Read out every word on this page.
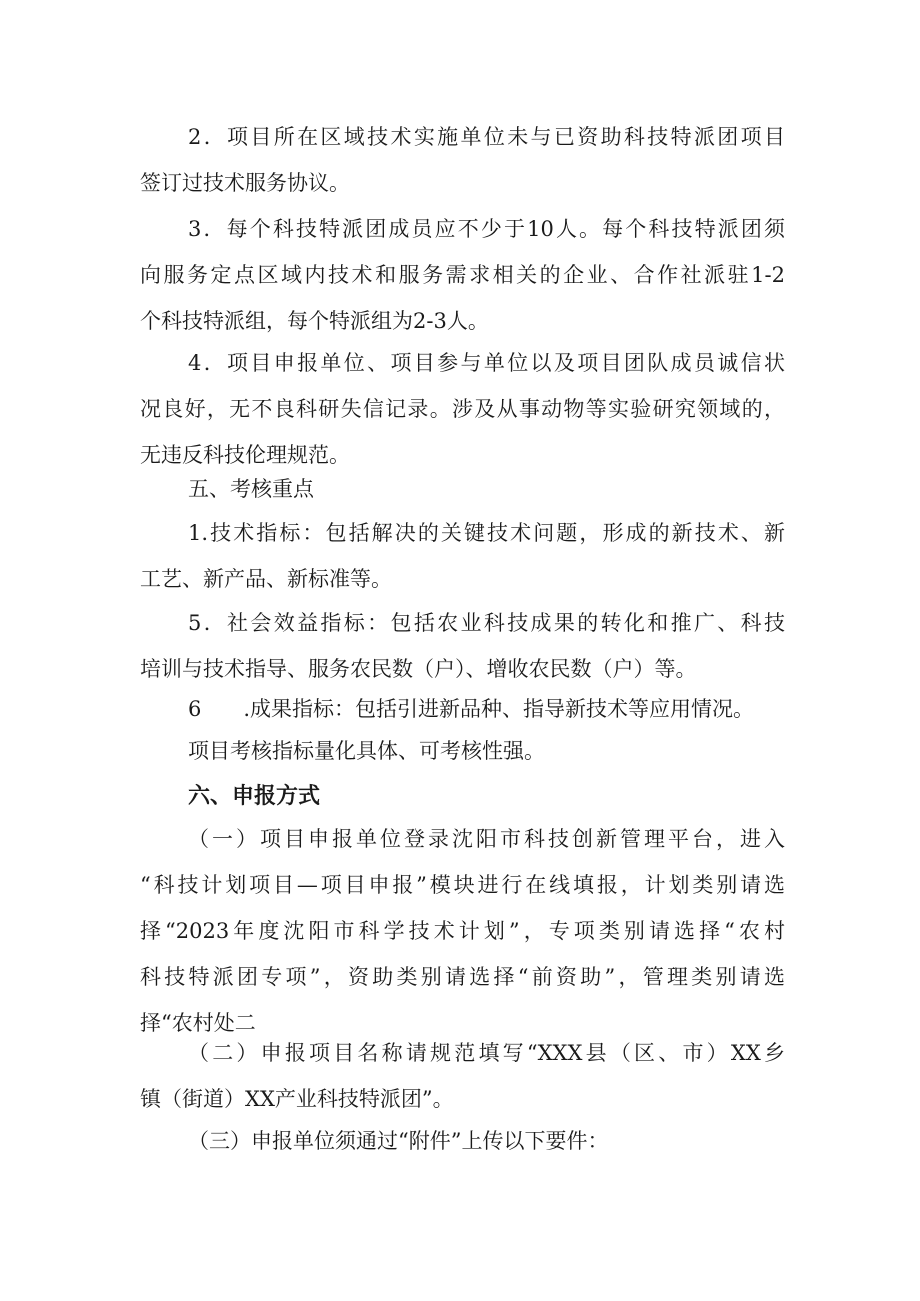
2．项目所在区域技术实施单位未与已资助科技特派团项目
签订过技术服务协议。
3．每个科技特派团成员应不少于10人。每个科技特派团须
向服务定点区域内技术和服务需求相关的企业、合作社派驻1-2
个科技特派组，每个特派组为2-3人。
4．项目申报单位、项目参与单位以及项目团队成员诚信状
况良好，无不良科研失信记录。涉及从事动物等实验研究领域的，
无违反科技伦理规范。
五、考核重点
1.技术指标：包括解决的关键技术问题，形成的新技术、新
工艺、新产品、新标准等。
5．社会效益指标：包括农业科技成果的转化和推广、科技
培训与技术指导、服务农民数（户）、增收农民数（户）等。
6 .成果指标：包括引进新品种、指导新技术等应用情况。
项目考核指标量化具体、可考核性强。
六、申报方式
（一）项目申报单位登录沈阳市科技创新管理平台，进入
“科技计划项目—项目申报”模块进行在线填报，计划类别请选
择“2023年度沈阳市科学技术计划”，专项类别请选择“农村
科技特派团专项”，资助类别请选择“前资助”，管理类别请选
择“农村处二
（二）申报项目名称请规范填写“XXX县（区、市）XX乡
镇（街道）XX产业科技特派团”。
（三）申报单位须通过“附件”上传以下要件：
